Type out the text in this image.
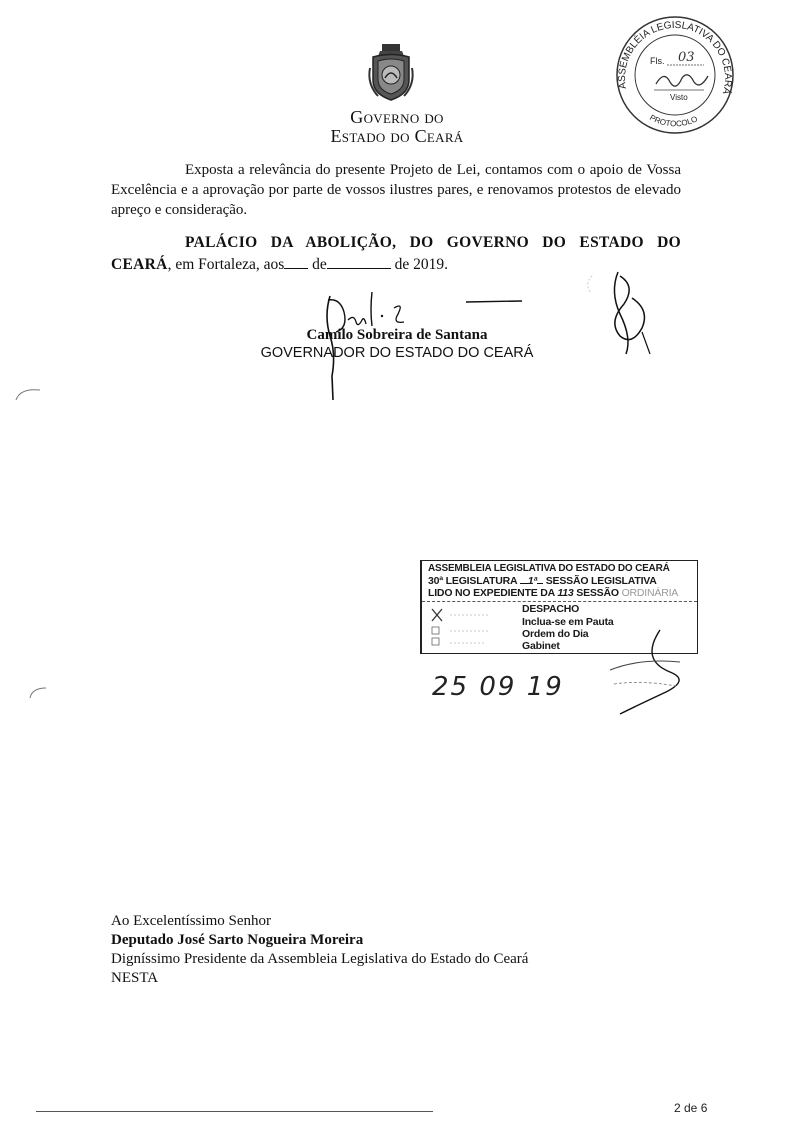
Governo do
Estado do Ceará
ASSEMBLÉIA LEGISLATIVA DO CEARÁ
PROTOCOLO
Fls. 03
Visto
Exposta a relevância do presente Projeto de Lei, contamos com o apoio de Vossa Excelência e a aprovação por parte de vossos ilustres pares, e renovamos protestos de elevado apreço e consideração.
PALÁCIO DA ABOLIÇÃO, DO GOVERNO DO ESTADO DO
CEARÁ, em Fortaleza, aos de	de 2019.
Camilo Sobreira de Santana
GOVERNADOR DO ESTADO DO CEARÁ
ASSEMBLEIA LEGISLATIVA DO ESTADO DO CEARÁ
30ª LEGISLATURA 1ª SESSÃO LEGISLATIVA
LIDO NO EXPEDIENTE DA 113 SESSÃO ORDINÁRIA
DESPACHO
Inclua-se em Pauta
Ordem do Dia
Gabinet
25 09 19
Ao Excelentíssimo Senhor
Deputado José Sarto Nogueira Moreira
Digníssimo Presidente da Assembleia Legislativa do Estado do Ceará
NESTA
2 de 6
